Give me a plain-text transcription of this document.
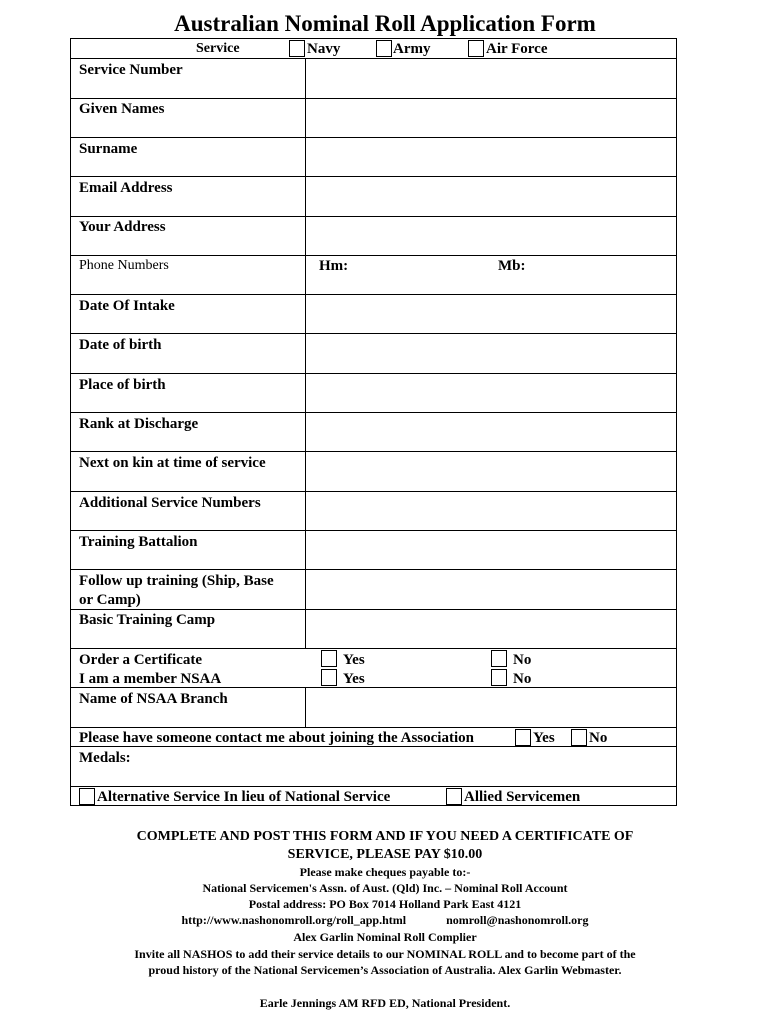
Australian Nominal Roll Application Form
Service	Navy	Army	Air Force
Service Number
Given Names
Surname
Email Address
Your Address
Phone Numbers	Hm:	Mb:
Date Of Intake
Date of birth
Place of birth
Rank at Discharge
Next on kin at time of service
Additional Service Numbers
Training Battalion
Follow up training (Ship, Base
or Camp)
Basic Training Camp
Order a Certificate	Yes	No
I am a member NSAA	Yes	No
Name of NSAA Branch
Please have someone contact me about joining the Association	Yes No
Medals:
Alternative Service In lieu of National Service	Allied Servicemen
COMPLETE AND POST THIS FORM AND IF YOU NEED A CERTIFICATE OF
SERVICE, PLEASE PAY $10.00
Please make cheques payable to:-
National Servicemen's Assn. of Aust. (Qld) Inc. – Nominal Roll Account
Postal address: PO Box 7014 Holland Park East 4121
http://www.nashonomroll.org/roll_app.html	nomroll@nashonomroll.org
Alex Garlin Nominal Roll Complier
Invite all NASHOS to add their service details to our NOMINAL ROLL and to become part of the
proud history of the National Servicemen’s Association of Australia. Alex Garlin Webmaster.
Earle Jennings AM RFD ED, National President.
